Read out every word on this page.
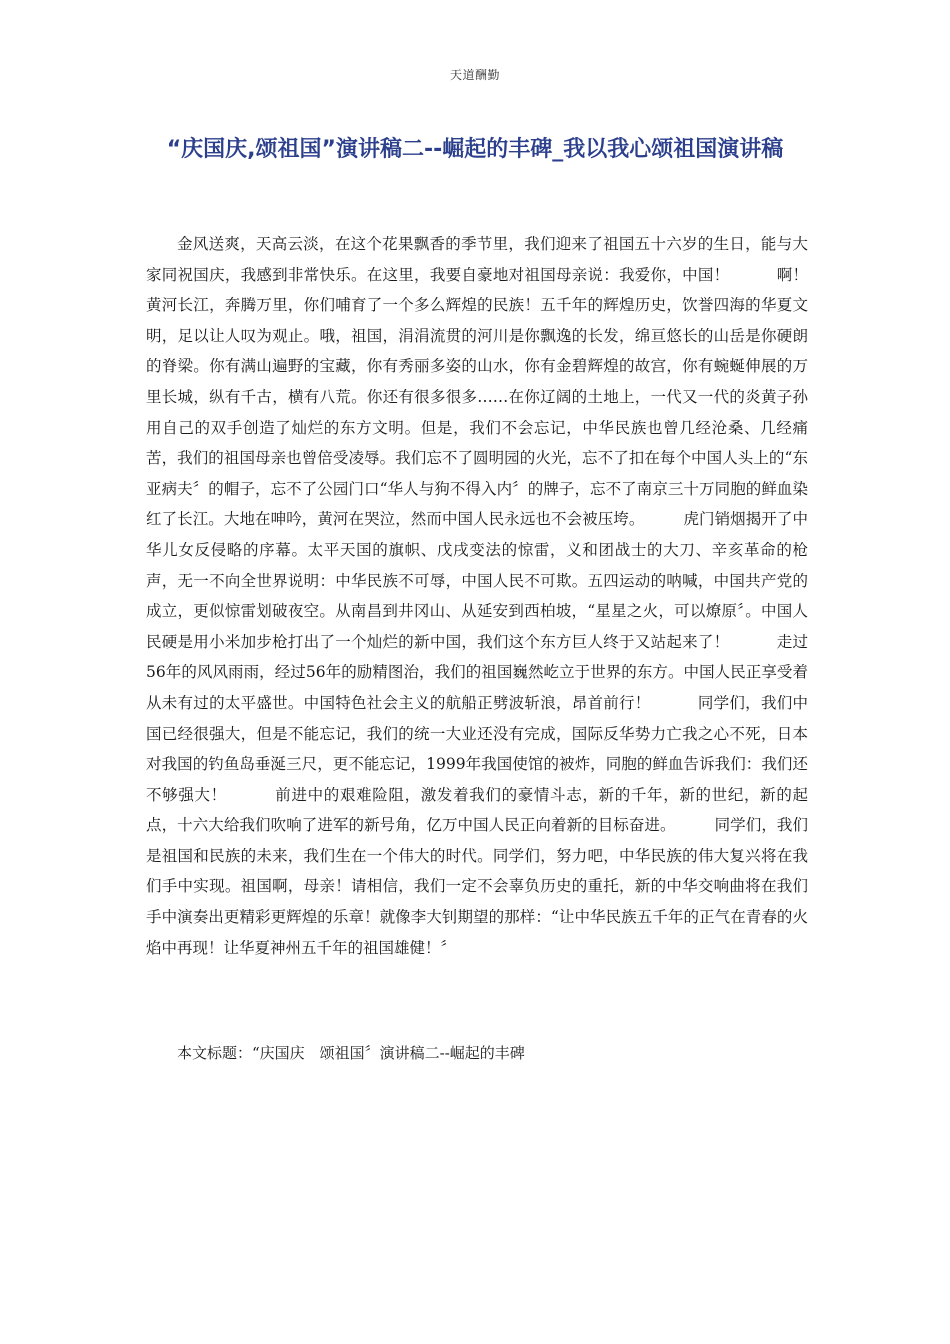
天道酬勤
“庆国庆,颂祖国”演讲稿二--崛起的丰碑_我以我心颂祖国演讲稿

金风送爽，天高云淡，在这个花果飘香的季节里，我们迎来了祖国五十六岁的生日，能与大家同祝国庆，我感到非常快乐。在这里，我要自豪地对祖国母亲说：我爱你，中国！　　　啊！黄河长江，奔腾万里，你们哺育了一个多么辉煌的民族！五千年的辉煌历史，饮誉四海的华夏文明，足以让人叹为观止。哦，祖国，涓涓流贯的河川是你飘逸的长发，绵亘悠长的山岳是你硬朗的脊梁。你有满山遍野的宝藏，你有秀丽多姿的山水，你有金碧辉煌的故宫，你有蜿蜒伸展的万里长城，纵有千古，横有八荒。你还有很多很多……在你辽阔的土地上，一代又一代的炎黄子孙用自己的双手创造了灿烂的东方文明。但是，我们不会忘记，中华民族也曾几经沧桑、几经痛苦，我们的祖国母亲也曾倍受凌辱。我们忘不了圆明园的火光，忘不了扣在每个中国人头上的“东亚病夫〞的帽子，忘不了公园门口“华人与狗不得入内〞的牌子，忘不了南京三十万同胞的鲜血染红了长江。大地在呻吟，黄河在哭泣，然而中国人民永远也不会被压垮。　　　虎门销烟揭开了中华儿女反侵略的序幕。太平天国的旗帜、戊戌变法的惊雷，义和团战士的大刀、辛亥革命的枪声，无一不向全世界说明：中华民族不可辱，中国人民不可欺。五四运动的呐喊，中国共产党的成立，更似惊雷划破夜空。从南昌到井冈山、从延安到西柏坡，“星星之火，可以燎原〞。中国人民硬是用小米加步枪打出了一个灿烂的新中国，我们这个东方巨人终于又站起来了！　　　走过56年的风风雨雨，经过56年的励精图治，我们的祖国巍然屹立于世界的东方。中国人民正享受着从未有过的太平盛世。中国特色社会主义的航船正劈波斩浪，昂首前行！　　　同学们，我们中国已经很强大，但是不能忘记，我们的统一大业还没有完成，国际反华势力亡我之心不死，日本对我国的钓鱼岛垂涎三尺，更不能忘记，1999年我国使馆的被炸，同胞的鲜血告诉我们：我们还不够强大！　　　前进中的艰难险阻，激发着我们的豪情斗志，新的千年，新的世纪，新的起点，十六大给我们吹响了进军的新号角，亿万中国人民正向着新的目标奋进。　　　同学们，我们是祖国和民族的未来，我们生在一个伟大的时代。同学们，努力吧，中华民族的伟大复兴将在我们手中实现。祖国啊，母亲！请相信，我们一定不会辜负历史的重托，新的中华交响曲将在我们手中演奏出更精彩更辉煌的乐章！就像李大钊期望的那样：“让中华民族五千年的正气在青春的火焰中再现！让华夏神州五千年的祖国雄健！〞

本文标题：“庆国庆　颂祖国〞演讲稿二--崛起的丰碑
